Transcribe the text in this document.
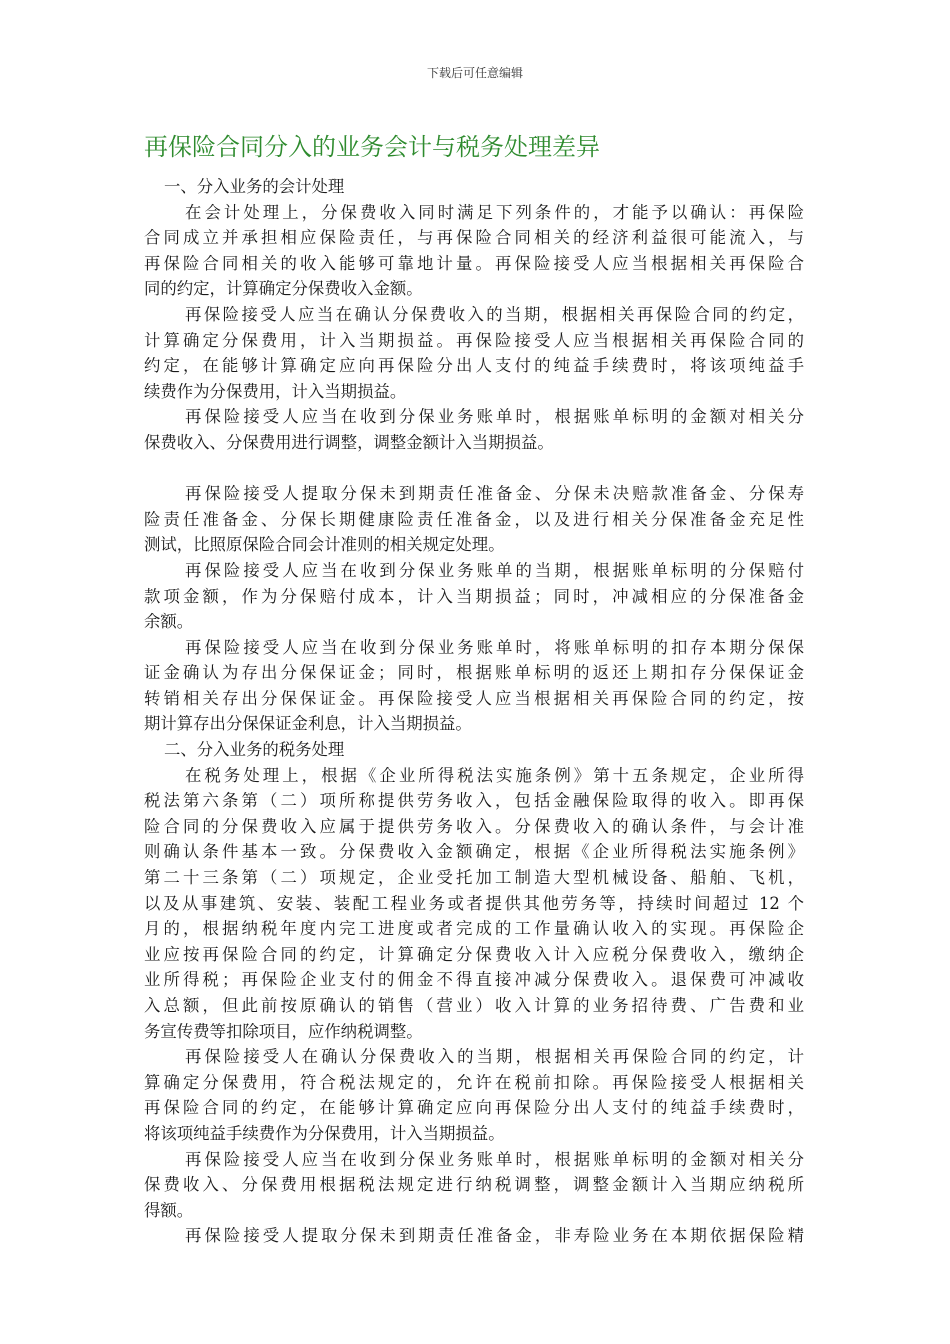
下载后可任意编辑
再保险合同分入的业务会计与税务处理差异
一、分入业务的会计处理
在会计处理上，分保费收入同时满足下列条件的，才能予以确认：再保险
合同成立并承担相应保险责任，与再保险合同相关的经济利益很可能流入，与
再保险合同相关的收入能够可靠地计量。再保险接受人应当根据相关再保险合
同的约定，计算确定分保费收入金额。
再保险接受人应当在确认分保费收入的当期，根据相关再保险合同的约定，
计算确定分保费用，计入当期损益。再保险接受人应当根据相关再保险合同的
约定，在能够计算确定应向再保险分出人支付的纯益手续费时，将该项纯益手
续费作为分保费用，计入当期损益。
再保险接受人应当在收到分保业务账单时，根据账单标明的金额对相关分
保费收入、分保费用进行调整，调整金额计入当期损益。
再保险接受人提取分保未到期责任准备金、分保未决赔款准备金、分保寿
险责任准备金、分保长期健康险责任准备金，以及进行相关分保准备金充足性
测试，比照原保险合同会计准则的相关规定处理。
再保险接受人应当在收到分保业务账单的当期，根据账单标明的分保赔付
款项金额，作为分保赔付成本，计入当期损益；同时，冲减相应的分保准备金
余额。
再保险接受人应当在收到分保业务账单时，将账单标明的扣存本期分保保
证金确认为存出分保保证金；同时，根据账单标明的返还上期扣存分保保证金
转销相关存出分保保证金。再保险接受人应当根据相关再保险合同的约定，按
期计算存出分保保证金利息，计入当期损益。
二、分入业务的税务处理
在税务处理上，根据《企业所得税法实施条例》第十五条规定，企业所得
税法第六条第（二）项所称提供劳务收入，包括金融保险取得的收入。即再保
险合同的分保费收入应属于提供劳务收入。分保费收入的确认条件，与会计准
则确认条件基本一致。分保费收入金额确定，根据《企业所得税法实施条例》
第二十三条第（二）项规定，企业受托加工制造大型机械设备、船舶、飞机，
以及从事建筑、安装、装配工程业务或者提供其他劳务等，持续时间超过 12 个
月的，根据纳税年度内完工进度或者完成的工作量确认收入的实现。再保险企
业应按再保险合同的约定，计算确定分保费收入计入应税分保费收入，缴纳企
业所得税；再保险企业支付的佣金不得直接冲减分保费收入。退保费可冲减收
入总额，但此前按原确认的销售（营业）收入计算的业务招待费、广告费和业
务宣传费等扣除项目，应作纳税调整。
再保险接受人在确认分保费收入的当期，根据相关再保险合同的约定，计
算确定分保费用，符合税法规定的，允许在税前扣除。再保险接受人根据相关
再保险合同的约定，在能够计算确定应向再保险分出人支付的纯益手续费时，
将该项纯益手续费作为分保费用，计入当期损益。
再保险接受人应当在收到分保业务账单时，根据账单标明的金额对相关分
保费收入、分保费用根据税法规定进行纳税调整，调整金额计入当期应纳税所
得额。
再保险接受人提取分保未到期责任准备金，非寿险业务在本期依据保险精
